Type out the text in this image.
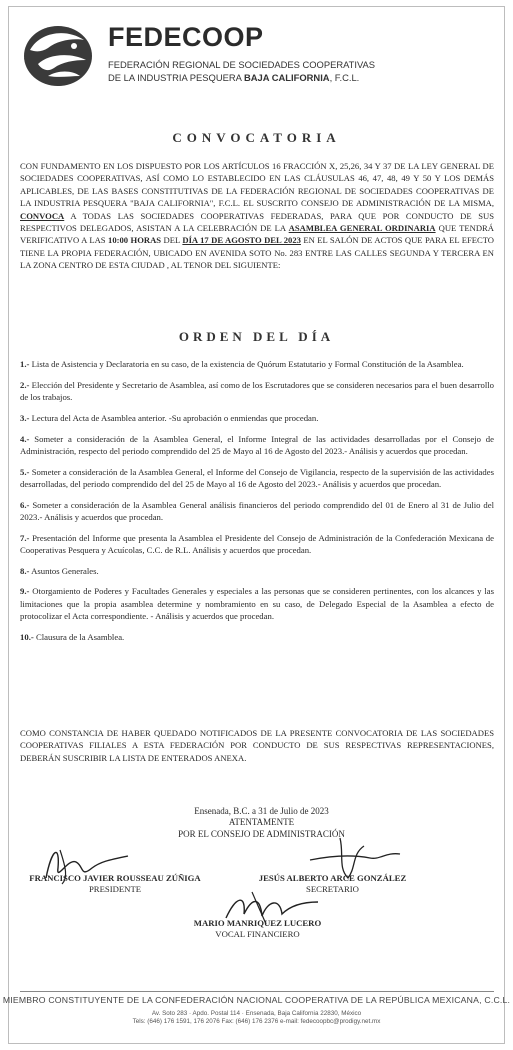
FEDECOOP
FEDERACIÓN REGIONAL DE SOCIEDADES COOPERATIVAS
DE LA INDUSTRIA PESQUERA BAJA CALIFORNIA, F.C.L.
CONVOCATORIA
CON FUNDAMENTO EN LOS DISPUESTO POR LOS ARTÍCULOS 16 FRACCIÓN X, 25,26, 34 Y 37 DE LA LEY GENERAL DE SOCIEDADES COOPERATIVAS, ASÍ COMO LO ESTABLECIDO EN LAS CLÁUSULAS 46, 47, 48, 49 Y 50 Y LOS DEMÁS APLICABLES, DE LAS BASES CONSTITUTIVAS DE LA FEDERACIÓN REGIONAL DE SOCIEDADES COOPERATIVAS DE LA INDUSTRIA PESQUERA "BAJA CALIFORNIA", F.C.L. EL SUSCRITO CONSEJO DE ADMINISTRACIÓN DE LA MISMA, CONVOCA A TODAS LAS SOCIEDADES COOPERATIVAS FEDERADAS, PARA QUE POR CONDUCTO DE SUS RESPECTIVOS DELEGADOS, ASISTAN A LA CELEBRACIÓN DE LA ASAMBLEA GENERAL ORDINARIA QUE TENDRÁ VERIFICATIVO A LAS 10:00 HORAS DEL DÍA 17 DE AGOSTO DEL 2023 EN EL SALÓN DE ACTOS QUE PARA EL EFECTO TIENE LA PROPIA FEDERACIÓN, UBICADO EN AVENIDA SOTO No. 283 ENTRE LAS CALLES SEGUNDA Y TERCERA EN LA ZONA CENTRO DE ESTA CIUDAD , AL TENOR DEL SIGUIENTE:
ORDEN DEL DÍA
1.- Lista de Asistencia y Declaratoria en su caso, de la existencia de Quórum Estatutario y Formal Constitución de la Asamblea.
2.- Elección del Presidente y Secretario de Asamblea, así como de los Escrutadores que se consideren necesarios para el buen desarrollo de los trabajos.
3.- Lectura del Acta de Asamblea anterior. -Su aprobación o enmiendas que procedan.
4.- Someter a consideración de la Asamblea General, el Informe Integral de las actividades desarrolladas por el Consejo de Administración, respecto del periodo comprendido del 25 de Mayo al 16 de Agosto del 2023.- Análisis y acuerdos que procedan.
5.- Someter a consideración de la Asamblea General, el Informe del Consejo de Vigilancia, respecto de la supervisión de las actividades desarrolladas, del periodo comprendido del del 25 de Mayo al 16 de Agosto del 2023.- Análisis y acuerdos que procedan.
6.- Someter a consideración de la Asamblea General análisis financieros del periodo comprendido del 01 de Enero al 31 de Julio del 2023.- Análisis y acuerdos que procedan.
7.- Presentación del Informe que presenta la Asamblea el Presidente del Consejo de Administración de la Confederación Mexicana de Cooperativas Pesquera y Acuícolas, C.C. de R.L. Análisis y acuerdos que procedan.
8.- Asuntos Generales.
9.- Otorgamiento de Poderes y Facultades Generales y especiales a las personas que se consideren pertinentes, con los alcances y las limitaciones que la propia asamblea determine y nombramiento en su caso, de Delegado Especial de la Asamblea a efecto de protocolizar el Acta correspondiente. - Análisis y acuerdos que procedan.
10.- Clausura de la Asamblea.
COMO CONSTANCIA DE HABER QUEDADO NOTIFICADOS DE LA PRESENTE CONVOCATORIA DE LAS SOCIEDADES COOPERATIVAS FILIALES A ESTA FEDERACIÓN POR CONDUCTO DE SUS RESPECTIVAS REPRESENTACIONES, DEBERÁN SUSCRIBIR LA LISTA DE ENTERADOS ANEXA.
Ensenada, B.C. a 31 de Julio de 2023
ATENTAMENTE
POR EL CONSEJO DE ADMINISTRACIÓN
FRANCISCO JAVIER ROUSSEAU ZÚÑIGA
PRESIDENTE
JESÚS ALBERTO ARCE GONZÁLEZ
SECRETARIO
MARIO MANRIQUEZ LUCERO
VOCAL FINANCIERO
MIEMBRO CONSTITUYENTE DE LA CONFEDERACIÓN NACIONAL COOPERATIVA DE LA REPÚBLICA MEXICANA, C.C.L.
Av. Soto 283 · Apdo. Postal 114 · Ensenada, Baja California 22830, México
Tels: (646) 176 1591, 176 2076 Fax: (646) 176 2376 e-mail: fedecoopbc@prodigy.net.mx
